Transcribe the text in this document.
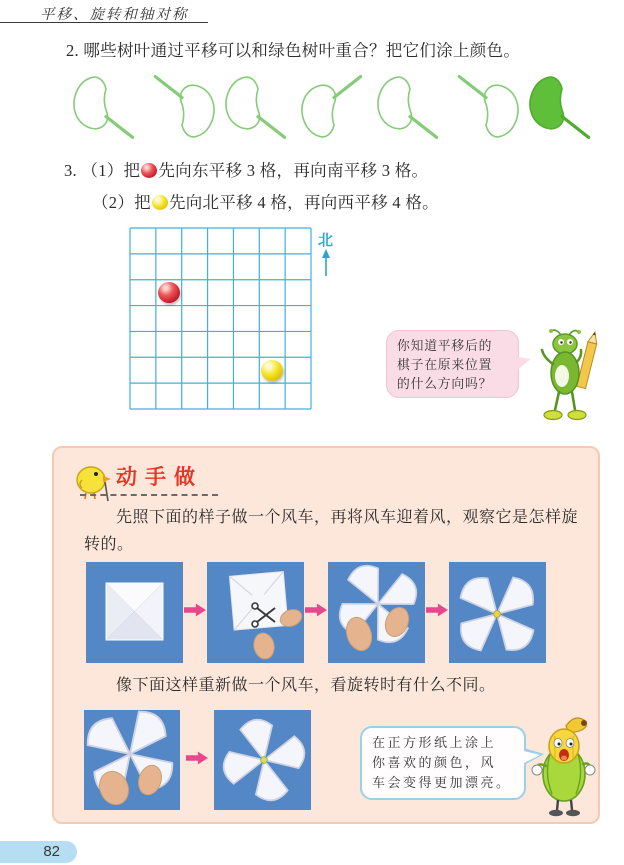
平移、旋转和轴对称
2. 哪些树叶通过平移可以和绿色树叶重合？把它们涂上颜色。
3. （1）把 先向东平移 3 格，再向南平移 3 格。
（2）把 先向北平移 4 格，再向西平移 4 格。
北
你知道平移后的
棋子在原来位置
的什么方向吗？
动手做
先照下面的样子做一个风车，再将风车迎着风，观察它是怎样旋转的。
像下面这样重新做一个风车，看旋转时有什么不同。
在正方形纸上涂上
你喜欢的颜色，风
车会变得更加漂亮。
82
